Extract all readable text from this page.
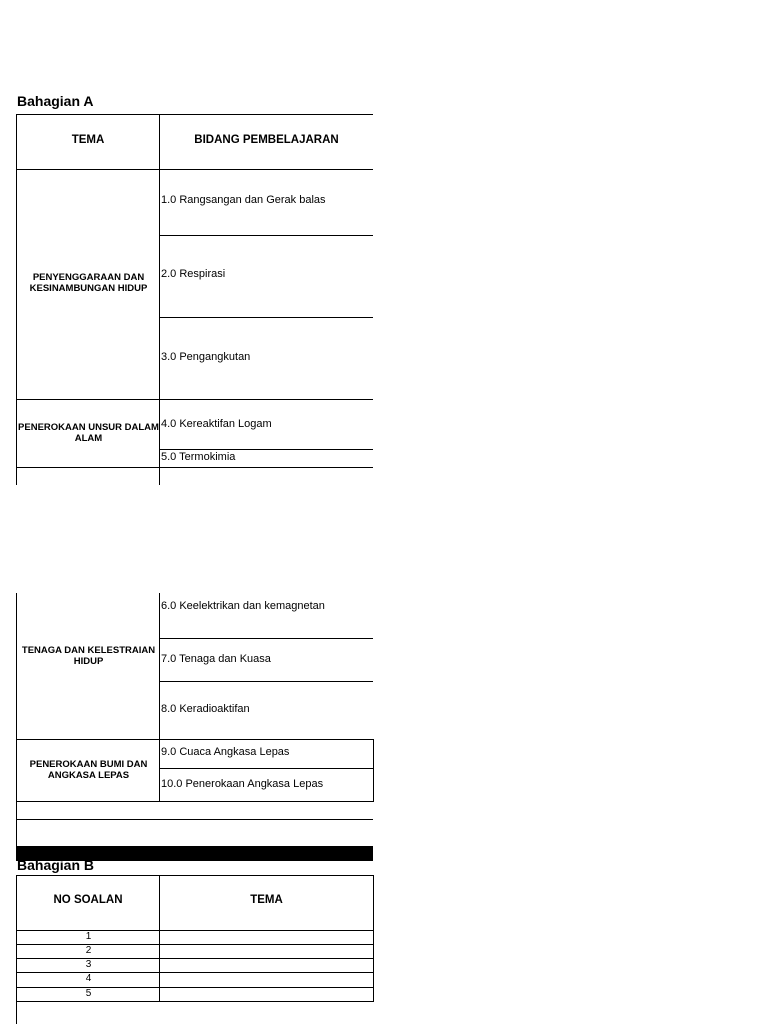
Bahagian A
TEMA	BIDANG PEMBELAJARAN
PENYENGGARAAN DAN KESINAMBUNGAN HIDUP
1.0 Rangsangan dan Gerak balas
2.0 Respirasi
3.0 Pengangkutan
PENEROKAAN UNSUR DALAM ALAM
4.0 Kereaktifan Logam
5.0 Termokimia
TENAGA DAN KELESTRAIAN HIDUP
6.0 Keelektrikan dan kemagnetan
7.0 Tenaga dan Kuasa
8.0 Keradioaktifan
PENEROKAAN BUMI DAN ANGKASA LEPAS
9.0 Cuaca Angkasa Lepas
10.0 Penerokaan Angkasa Lepas
Bahagian B
NO SOALAN	TEMA
1
2
3
4
5
